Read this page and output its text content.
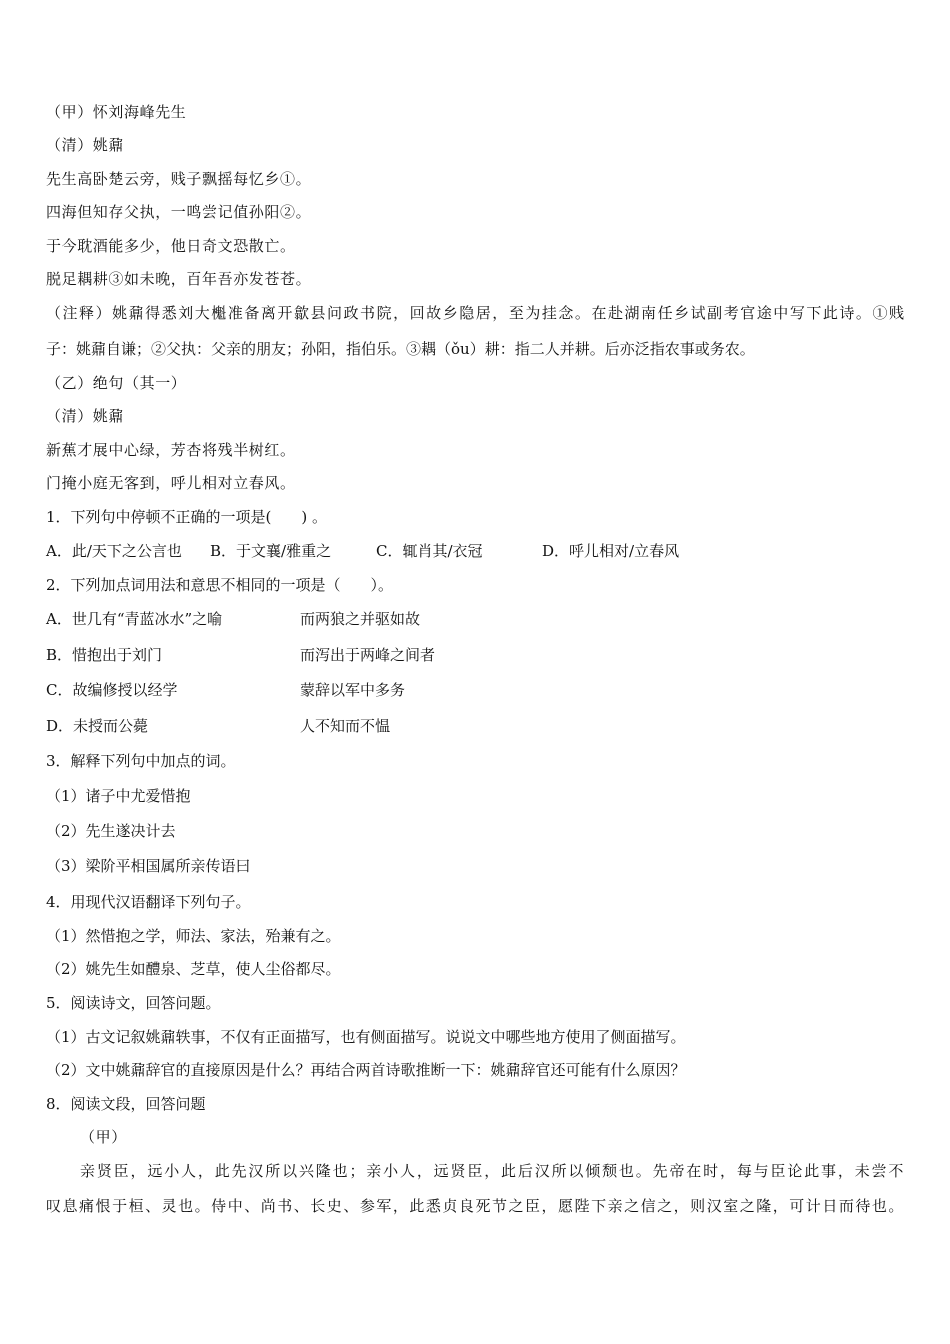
（甲）怀刘海峰先生
（清）姚鼐
先生高卧楚云旁，贱子飘摇每忆乡①。
四海但知存父执，一鸣尝记值孙阳②。
于今耽酒能多少，他日奇文恐散亡。
脱足耦耕③如未晚，百年吾亦发苍苍。
（注释）姚鼐得悉刘大櫆准备离开歙县问政书院，回故乡隐居，至为挂念。在赴湖南任乡试副考官途中写下此诗。①贱
子：姚鼐自谦；②父执：父亲的朋友；孙阳，指伯乐。③耦（ǒu）耕：指二人并耕。后亦泛指农事或务农。
（乙）绝句（其一）
（清）姚鼐
新蕉才展中心绿，芳杏将残半树红。
门掩小庭无客到，呼儿相对立春风。
1．下列句中停顿不正确的一项是(　　) 。
A．此/天下之公言也 B．于文襄/雅重之	C．辄肖其/衣冠	D．呼儿相对/立春风
2．下列加点词用法和意思不相同的一项是（　　）。
A．世几有“青蓝冰水”之喻	而两狼之并驱如故
B．惜抱出于刘门	而泻出于两峰之间者
C．故编修授以经学	蒙辞以军中多务
D．未授而公薨	人不知而不愠
3．解释下列句中加点的词。
（1）诸子中尤爱惜抱
（2）先生遂决计去
（3）梁阶平相国属所亲传语曰
4．用现代汉语翻译下列句子。
（1）然惜抱之学，师法、家法，殆兼有之。
（2）姚先生如醴泉、芝草，使人尘俗都尽。
5．阅读诗文，回答问题。
（1）古文记叙姚鼐轶事，不仅有正面描写，也有侧面描写。说说文中哪些地方使用了侧面描写。
（2）文中姚鼐辞官的直接原因是什么？再结合两首诗歌推断一下：姚鼐辞官还可能有什么原因？
8．阅读文段，回答问题
（甲）
亲贤臣，远小人，此先汉所以兴隆也；亲小人，远贤臣，此后汉所以倾颓也。先帝在时，每与臣论此事，未尝不
叹息痛恨于桓、灵也。侍中、尚书、长史、参军，此悉贞良死节之臣，愿陛下亲之信之，则汉室之隆，可计日而待也。
